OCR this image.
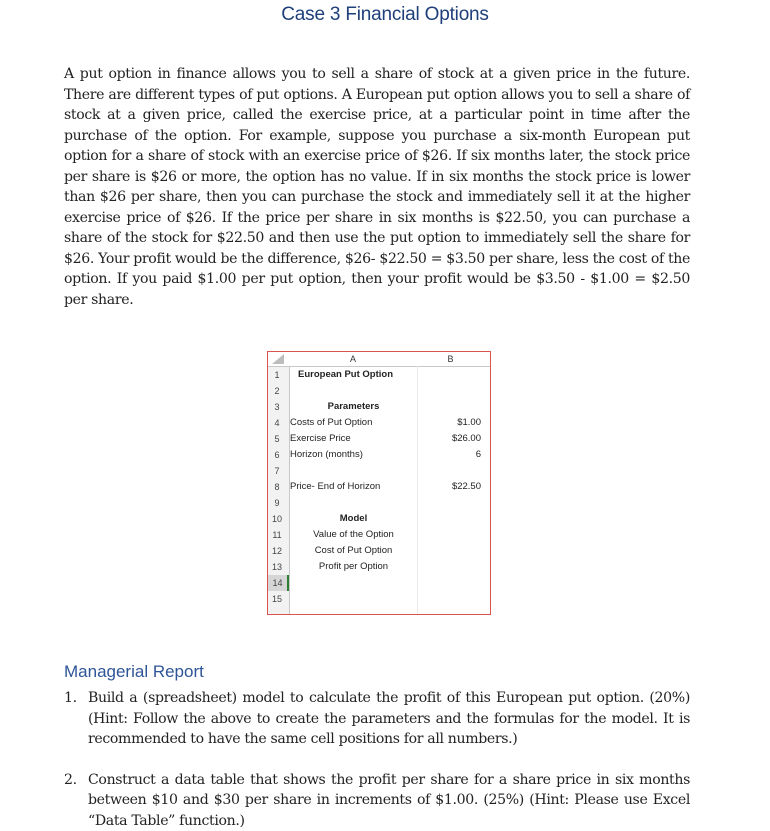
Case 3 Financial Options

A put option in finance allows you to sell a share of stock at a given price in the future. There are different types of put options. A European put option allows you to sell a share of stock at a given price, called the exercise price, at a particular point in time after the purchase of the option. For example, suppose you purchase a six-month European put option for a share of stock with an exercise price of $26. If six months later, the stock price per share is $26 or more, the option has no value. If in six months the stock price is lower than $26 per share, then you can purchase the stock and immediately sell it at the higher exercise price of $26. If the price per share in six months is $22.50, you can purchase a share of the stock for $22.50 and then use the put option to immediately sell the share for $26. Your profit would be the difference, $26- $22.50 = $3.50 per share, less the cost of the option. If you paid $1.00 per put option, then your profit would be $3.50 - $1.00 = $2.50 per share.

A	B
1	European Put Option
2
3	Parameters
4	Costs of Put Option	$1.00
5	Exercise Price	$26.00
6	Horizon (months)	6
7
8	Price- End of Horizon	$22.50
9
10	Model
11	Value of the Option
12	Cost of Put Option
13	Profit per Option
14
15
Managerial Report
1. Build a (spreadsheet) model to calculate the profit of this European put option. (20%) (Hint: Follow the above to create the parameters and the formulas for the model. It is recommended to have the same cell positions for all numbers.)
2. Construct a data table that shows the profit per share for a share price in six months between $10 and $30 per share in increments of $1.00. (25%) (Hint: Please use Excel “Data Table” function.)
